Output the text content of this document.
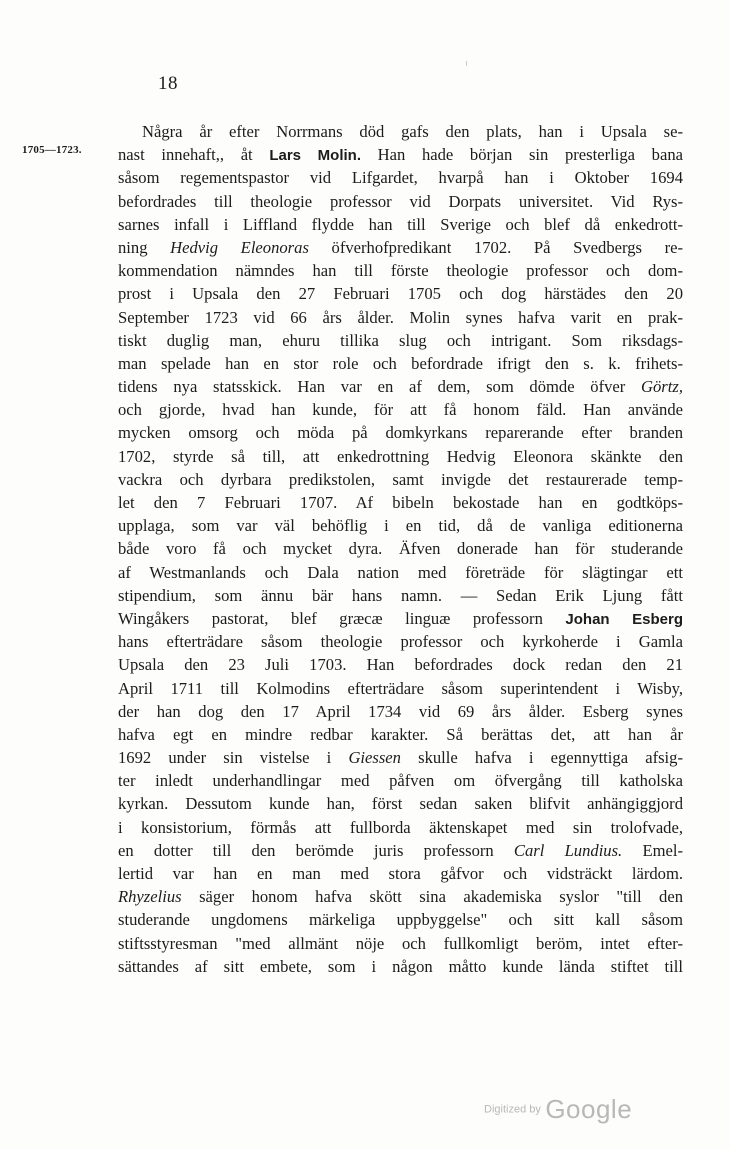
18
1705—1723.
Några år efter Norrmans död gafs den plats, han i Upsala se-
nast innehaft,, åt Lars Molin. Han hade början sin presterliga bana
såsom regementspastor vid Lifgardet, hvarpå han i Oktober 1694
befordrades till theologie professor vid Dorpats universitet. Vid Rys-
sarnes infall i Liffland flydde han till Sverige och blef då enkedrott-
ning Hedvig Eleonoras öfverhofpredikant 1702. På Svedbergs re-
kommendation nämndes han till förste theologie professor och dom-
prost i Upsala den 27 Februari 1705 och dog härstädes den 20
September 1723 vid 66 års ålder. Molin synes hafva varit en prak-
tiskt duglig man, ehuru tillika slug och intrigant. Som riksdags-
man spelade han en stor role och befordrade ifrigt den s. k. frihets-
tidens nya statsskick. Han var en af dem, som dömde öfver Görtz,
och gjorde, hvad han kunde, för att få honom fäld. Han använde
mycken omsorg och möda på domkyrkans reparerande efter branden
1702, styrde så till, att enkedrottning Hedvig Eleonora skänkte den
vackra och dyrbara predikstolen, samt invigde det restaurerade temp-
let den 7 Februari 1707. Af bibeln bekostade han en godtköps-
upplaga, som var väl behöflig i en tid, då de vanliga editionerna
både voro få och mycket dyra. Äfven donerade han för studerande
af Westmanlands och Dala nation med företräde för slägtingar ett
stipendium, som ännu bär hans namn. — Sedan Erik Ljung fått
Wingåkers pastorat, blef græcæ linguæ professorn Johan Esberg
hans efterträdare såsom theologie professor och kyrkoherde i Gamla
Upsala den 23 Juli 1703. Han befordrades dock redan den 21
April 1711 till Kolmodins efterträdare såsom superintendent i Wisby,
der han dog den 17 April 1734 vid 69 års ålder. Esberg synes
hafva egt en mindre redbar karakter. Så berättas det, att han år
1692 under sin vistelse i Giessen skulle hafva i egennyttiga afsig-
ter inledt underhandlingar med påfven om öfvergång till katholska
kyrkan. Dessutom kunde han, först sedan saken blifvit anhängiggjord
i konsistorium, förmås att fullborda äktenskapet med sin trolofvade,
en dotter till den berömde juris professorn Carl Lundius. Emel-
lertid var han en man med stora gåfvor och vidsträckt lärdom.
Rhyzelius säger honom hafva skött sina akademiska syslor "till den
studerande ungdomens märkeliga uppbyggelse" och sitt kall såsom
stiftsstyresman "med allmänt nöje och fullkomligt beröm, intet efter-
sättandes af sitt embete, som i någon måtto kunde lända stiftet till
Digitized by Google
